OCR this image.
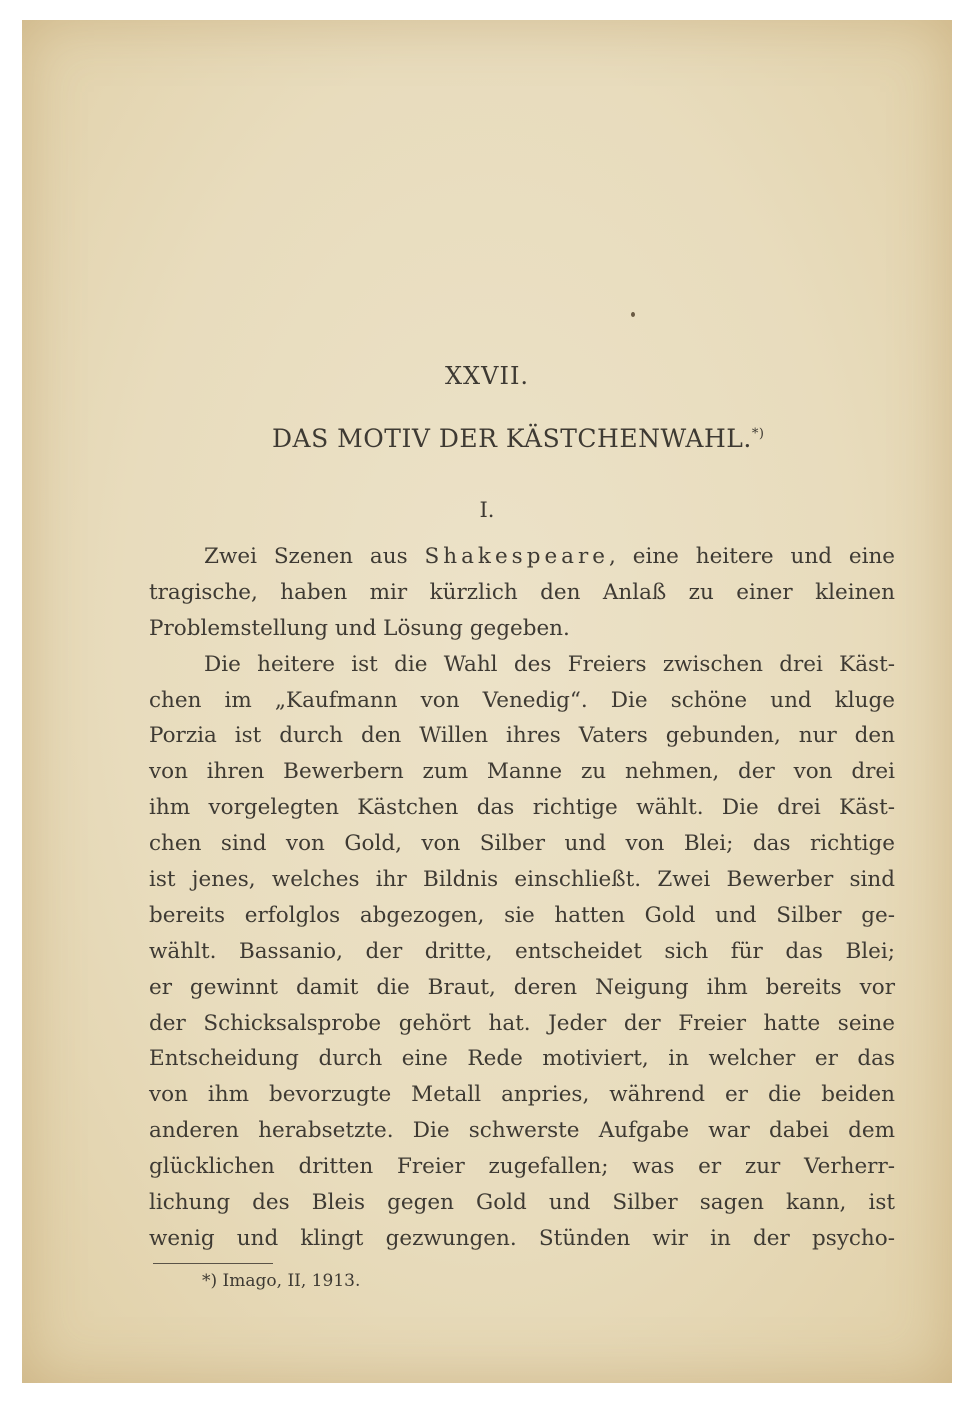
XXVII.
DAS MOTIV DER KÄSTCHENWAHL.*)
I.
Zwei Szenen aus Shakespeare, eine heitere und eine
tragische, haben mir kürzlich den Anlaß zu einer kleinen
Problemstellung und Lösung gegeben.
Die heitere ist die Wahl des Freiers zwischen drei Käst-
chen im „Kaufmann von Venedig“. Die schöne und kluge
Porzia ist durch den Willen ihres Vaters gebunden, nur den
von ihren Bewerbern zum Manne zu nehmen, der von drei
ihm vorgelegten Kästchen das richtige wählt. Die drei Käst-
chen sind von Gold, von Silber und von Blei; das richtige
ist jenes, welches ihr Bildnis einschließt. Zwei Bewerber sind
bereits erfolglos abgezogen, sie hatten Gold und Silber ge-
wählt. Bassanio, der dritte, entscheidet sich für das Blei;
er gewinnt damit die Braut, deren Neigung ihm bereits vor
der Schicksalsprobe gehört hat. Jeder der Freier hatte seine
Entscheidung durch eine Rede motiviert, in welcher er das
von ihm bevorzugte Metall anpries, während er die beiden
anderen herabsetzte. Die schwerste Aufgabe war dabei dem
glücklichen dritten Freier zugefallen; was er zur Verherr-
lichung des Bleis gegen Gold und Silber sagen kann, ist
wenig und klingt gezwungen. Stünden wir in der psycho-
*) Imago, II, 1913.
